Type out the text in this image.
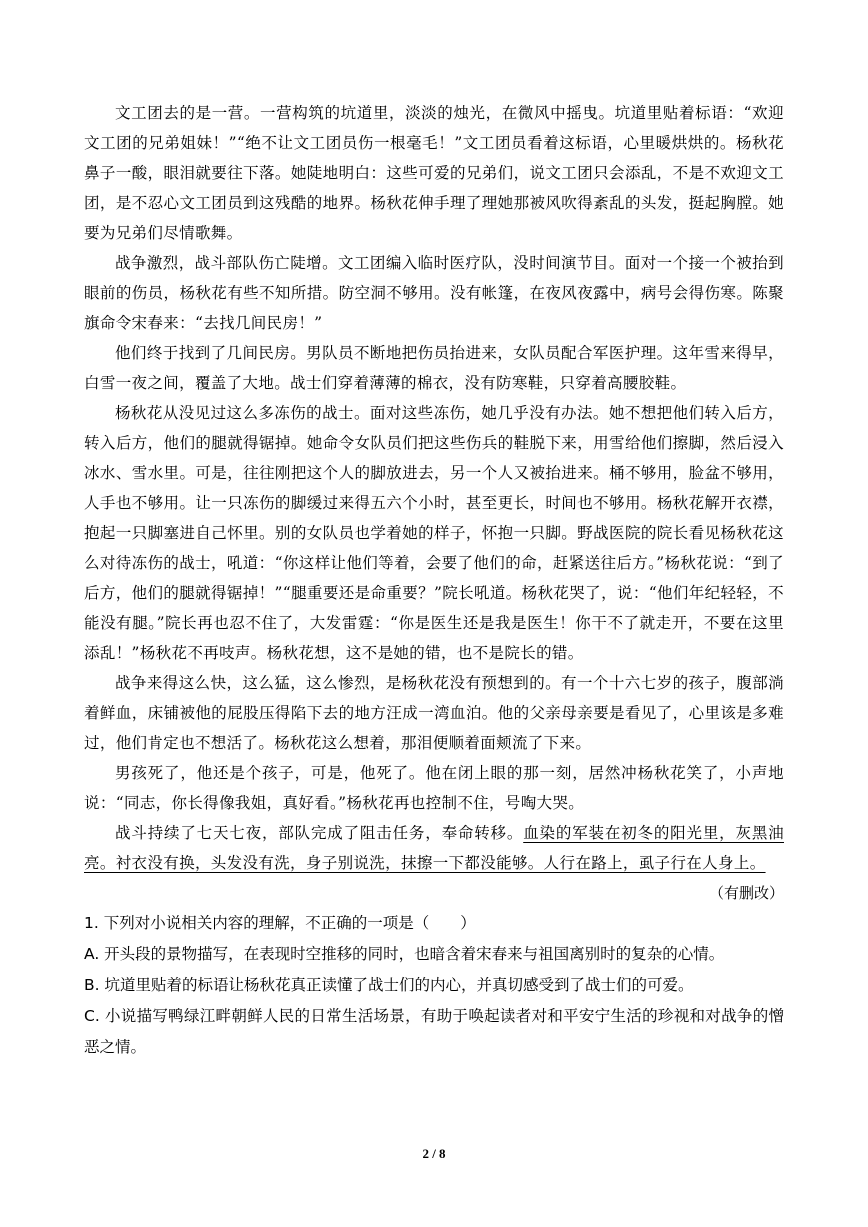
文工团去的是一营。一营构筑的坑道里，淡淡的烛光，在微风中摇曳。坑道里贴着标语：“欢迎文工团的兄弟姐妹！”“绝不让文工团员伤一根毫毛！”文工团员看着这标语，心里暖烘烘的。杨秋花鼻子一酸，眼泪就要往下落。她陡地明白：这些可爱的兄弟们，说文工团只会添乱，不是不欢迎文工团，是不忍心文工团员到这残酷的地界。杨秋花伸手理了理她那被风吹得紊乱的头发，挺起胸膛。她要为兄弟们尽情歌舞。

战争激烈，战斗部队伤亡陡增。文工团编入临时医疗队，没时间演节目。面对一个接一个被抬到眼前的伤员，杨秋花有些不知所措。防空洞不够用。没有帐篷，在夜风夜露中，病号会得伤寒。陈聚旗命令宋春来：“去找几间民房！”

他们终于找到了几间民房。男队员不断地把伤员抬进来，女队员配合军医护理。这年雪来得早，白雪一夜之间，覆盖了大地。战士们穿着薄薄的棉衣，没有防寒鞋，只穿着高腰胶鞋。

杨秋花从没见过这么多冻伤的战士。面对这些冻伤，她几乎没有办法。她不想把他们转入后方，转入后方，他们的腿就得锯掉。她命令女队员们把这些伤兵的鞋脱下来，用雪给他们擦脚，然后浸入冰水、雪水里。可是，往往刚把这个人的脚放进去，另一个人又被抬进来。桶不够用，脸盆不够用，人手也不够用。让一只冻伤的脚缓过来得五六个小时，甚至更长，时间也不够用。杨秋花解开衣襟，抱起一只脚塞进自己怀里。别的女队员也学着她的样子，怀抱一只脚。野战医院的院长看见杨秋花这么对待冻伤的战士，吼道：“你这样让他们等着，会要了他们的命，赶紧送往后方。”杨秋花说：“到了后方，他们的腿就得锯掉！”“腿重要还是命重要？”院长吼道。杨秋花哭了，说：“他们年纪轻轻，不能没有腿。”院长再也忍不住了，大发雷霆：“你是医生还是我是医生！你干不了就走开，不要在这里添乱！”杨秋花不再吱声。杨秋花想，这不是她的错，也不是院长的错。

战争来得这么快，这么猛，这么惨烈，是杨秋花没有预想到的。有一个十六七岁的孩子，腹部淌着鲜血，床铺被他的屁股压得陷下去的地方汪成一湾血泊。他的父亲母亲要是看见了，心里该是多难过，他们肯定也不想活了。杨秋花这么想着，那泪便顺着面颊流了下来。

男孩死了，他还是个孩子，可是，他死了。他在闭上眼的那一刻，居然冲杨秋花笑了，小声地说：“同志，你长得像我姐，真好看。”杨秋花再也控制不住，号啕大哭。

战斗持续了七天七夜，部队完成了阻击任务，奉命转移。血染的军装在初冬的阳光里，灰黑油亮。衬衣没有换，头发没有洗，身子别说洗，抹擦一下都没能够。人行在路上，虱子行在人身上。

（有删改）

1. 下列对小说相关内容的理解，不正确的一项是（　　）

A. 开头段的景物描写，在表现时空推移的同时，也暗含着宋春来与祖国离别时的复杂的心情。

B. 坑道里贴着的标语让杨秋花真正读懂了战士们的内心，并真切感受到了战士们的可爱。

C. 小说描写鸭绿江畔朝鲜人民的日常生活场景，有助于唤起读者对和平安宁生活的珍视和对战争的憎恶之情。

2 / 8
